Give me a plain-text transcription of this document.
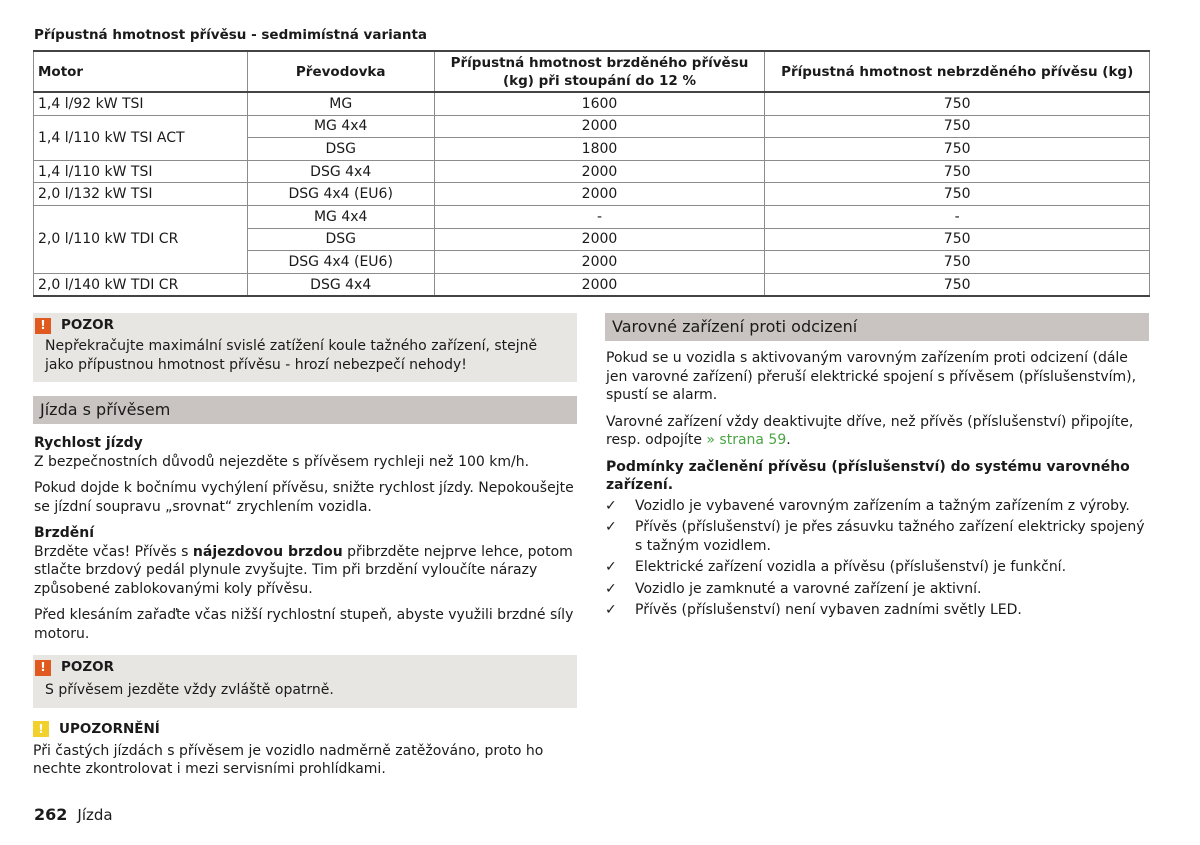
Přípustná hmotnost přívěsu - sedmimístná varianta
Motor	Převodovka	Přípustná hmotnost brzděného přívěsu (kg) při stoupání do 12 %	Přípustná hmotnost nebrzděného přívěsu (kg)
1,4 l/92 kW TSI	MG	1600	750
1,4 l/110 kW TSI ACT	MG 4x4	2000	750
	DSG	1800	750
1,4 l/110 kW TSI	DSG 4x4	2000	750
2,0 l/132 kW TSI	DSG 4x4 (EU6)	2000	750
2,0 l/110 kW TDI CR	MG 4x4	-	-
	DSG	2000	750
	DSG 4x4 (EU6)	2000	750
2,0 l/140 kW TDI CR	DSG 4x4	2000	750
!	POZOR
Nepřekračujte maximální svislé zatížení koule tažného zařízení, stejně jako přípustnou hmotnost přívěsu - hrozí nebezpečí nehody!
Jízda s přívěsem

Rychlost jízdy

Z bezpečnostních důvodů nejezděte s přívěsem rychleji než 100 km/h.

Pokud dojde k bočnímu vychýlení přívěsu, snižte rychlost jízdy. Nepokoušejte se jízdní soupravu „srovnat“ zrychlením vozidla.

Brzdění

Brzděte včas! Přívěs s nájezdovou brzdou přibrzděte nejprve lehce, potom stlačte brzdový pedál plynule zvyšujte. Tim při brzdění vyloučíte nárazy způsobené zablokovanými koly přívěsu.

Před klesáním zařaďte včas nižší rychlostní stupeň, abyste využili brzdné síly motoru.

!	POZOR
S přívěsem jezděte vždy zvláště opatrně.
!	UPOZORNĚNÍ
Při častých jízdách s přívěsem je vozidlo nadměrně zatěžováno, proto ho nechte zkontrolovat i mezi servisními prohlídkami.
Varovné zařízení proti odcizení

Pokud se u vozidla s aktivovaným varovným zařízením proti odcizení (dále jen varovné zařízení) přeruší elektrické spojení s přívěsem (příslušenstvím), spustí se alarm.

Varovné zařízení vždy deaktivujte dříve, než přívěs (příslušenství) připojíte, resp. odpojíte » strana 59.

Podmínky začlenění přívěsu (příslušenství) do systému varovného zařízení.

✓ Vozidlo je vybavené varovným zařízením a tažným zařízením z výroby.
✓ Přívěs (příslušenství) je přes zásuvku tažného zařízení elektricky spojený s tažným vozidlem.
✓ Elektrické zařízení vozidla a přívěsu (příslušenství) je funkční.
✓ Vozidlo je zamknuté a varovné zařízení je aktivní.
✓ Přívěs (příslušenství) není vybaven zadními světly LED.
262 Jízda
